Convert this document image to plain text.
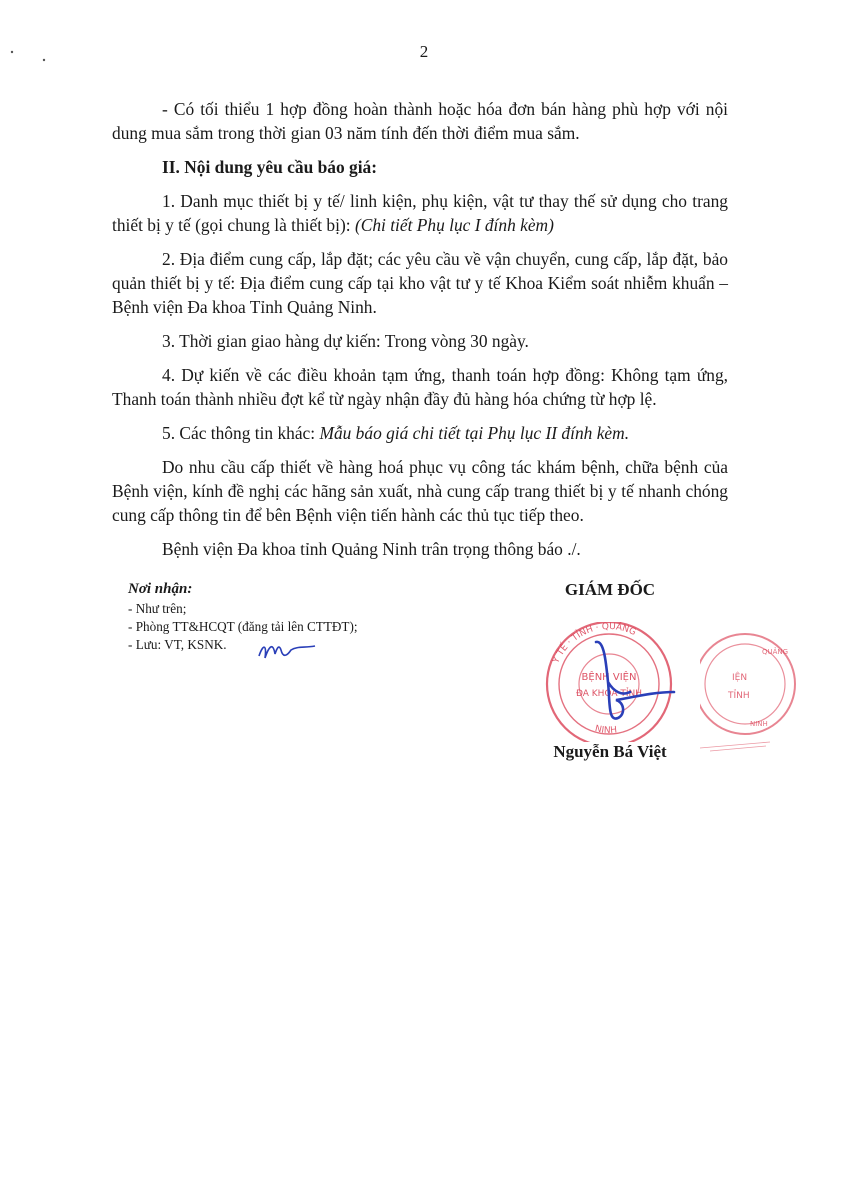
2

- Có tối thiểu 1 hợp đồng hoàn thành hoặc hóa đơn bán hàng phù hợp với nội dung mua sắm trong thời gian 03 năm tính đến thời điểm mua sắm.

II. Nội dung yêu cầu báo giá:

1. Danh mục thiết bị y tế/ linh kiện, phụ kiện, vật tư thay thế sử dụng cho trang thiết bị y tế (gọi chung là thiết bị): (Chi tiết Phụ lục I đính kèm)

2. Địa điểm cung cấp, lắp đặt; các yêu cầu về vận chuyển, cung cấp, lắp đặt, bảo quản thiết bị y tế: Địa điểm cung cấp tại kho vật tư y tế Khoa Kiểm soát nhiễm khuẩn – Bệnh viện Đa khoa Tỉnh Quảng Ninh.

3. Thời gian giao hàng dự kiến: Trong vòng 30 ngày.

4. Dự kiến về các điều khoản tạm ứng, thanh toán hợp đồng: Không tạm ứng, Thanh toán thành nhiều đợt kể từ ngày nhận đầy đủ hàng hóa chứng từ hợp lệ.

5. Các thông tin khác: Mẫu báo giá chi tiết tại Phụ lục II đính kèm.

Do nhu cầu cấp thiết về hàng hoá phục vụ công tác khám bệnh, chữa bệnh của Bệnh viện, kính đề nghị các hãng sản xuất, nhà cung cấp trang thiết bị y tế nhanh chóng cung cấp thông tin để bên Bệnh viện tiến hành các thủ tục tiếp theo.

Bệnh viện Đa khoa tỉnh Quảng Ninh trân trọng thông báo ./.

Nơi nhận:
- Như trên;
- Phòng TT&HCQT (đăng tải lên CTTĐT);
- Lưu: VT, KSNK.
GIÁM ĐỐC
Y TẾ · TỈNH · QUẢNG
NINH
BỆNH VIỆN
ĐA KHOA TỈNH
IỆN
TỈNH
QUẢNG
NINH
Nguyễn Bá Việt
